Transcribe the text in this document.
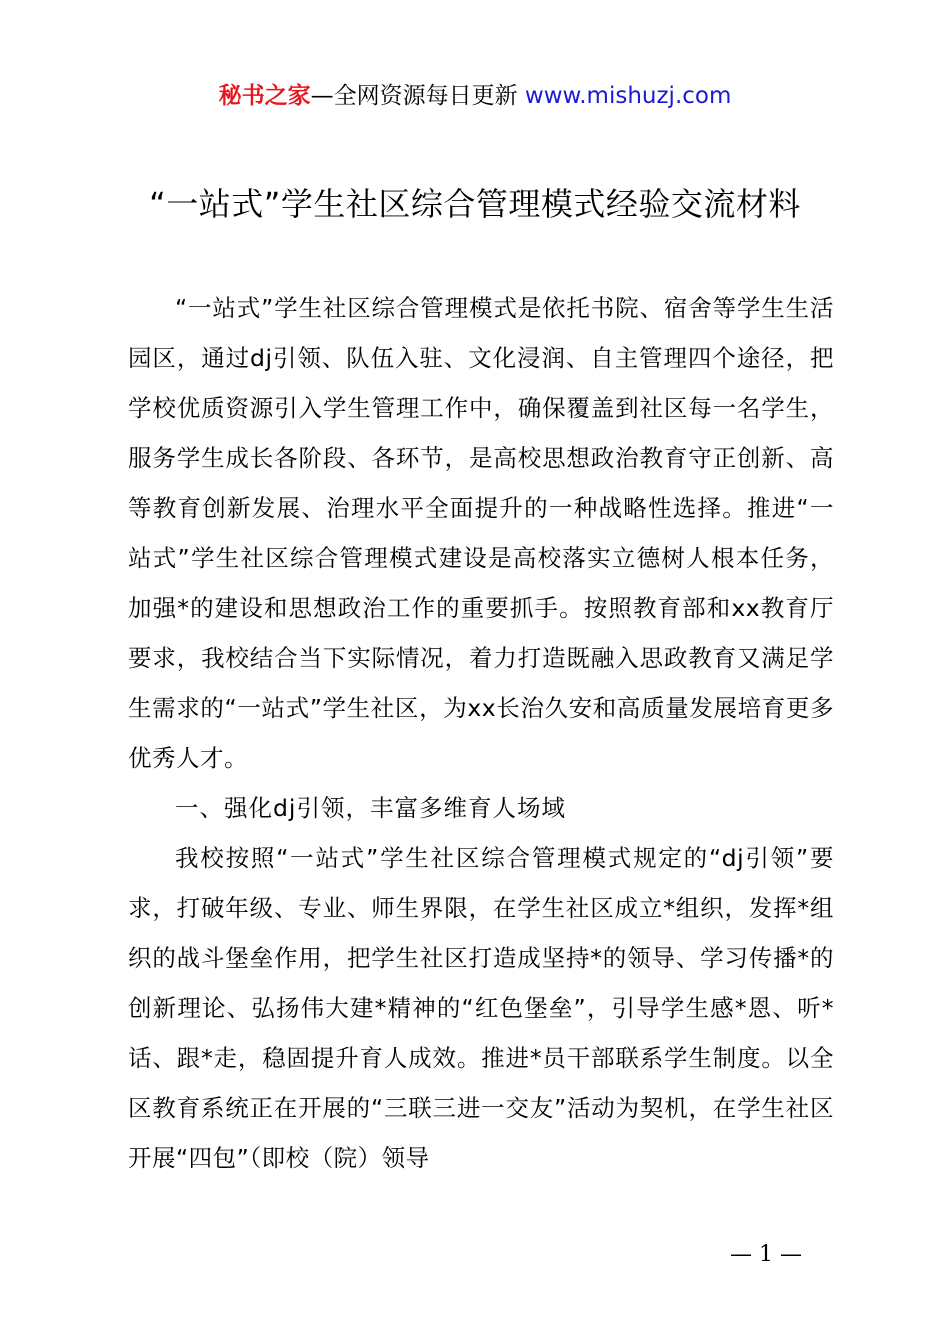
秘书之家—全网资源每日更新 www.mishuzj.com
“一站式”学生社区综合管理模式经验交流材料

“一站式”学生社区综合管理模式是依托书院、宿舍等学生生活园区，通过dj引领、队伍入驻、文化浸润、自主管理四个途径，把学校优质资源引入学生管理工作中，确保覆盖到社区每一名学生，服务学生成长各阶段、各环节，是高校思想政治教育守正创新、高等教育创新发展、治理水平全面提升的一种战略性选择。推进“一站式”学生社区综合管理模式建设是高校落实立德树人根本任务，加强*的建设和思想政治工作的重要抓手。按照教育部和xx教育厅要求，我校结合当下实际情况，着力打造既融入思政教育又满足学生需求的“一站式”学生社区，为xx长治久安和高质量发展培育更多优秀人才。

一、强化dj引领，丰富多维育人场域

我校按照“一站式”学生社区综合管理模式规定的“dj引领”要求，打破年级、专业、师生界限，在学生社区成立*组织，发挥*组织的战斗堡垒作用，把学生社区打造成坚持*的领导、学习传播*的创新理论、弘扬伟大建*精神的“红色堡垒”，引导学生感*恩、听*话、跟*走，稳固提升育人成效。推进*员干部联系学生制度。以全区教育系统正在开展的“三联三进一交友”活动为契机，在学生社区开展“四包”（即校（院）领导

— 1 —
